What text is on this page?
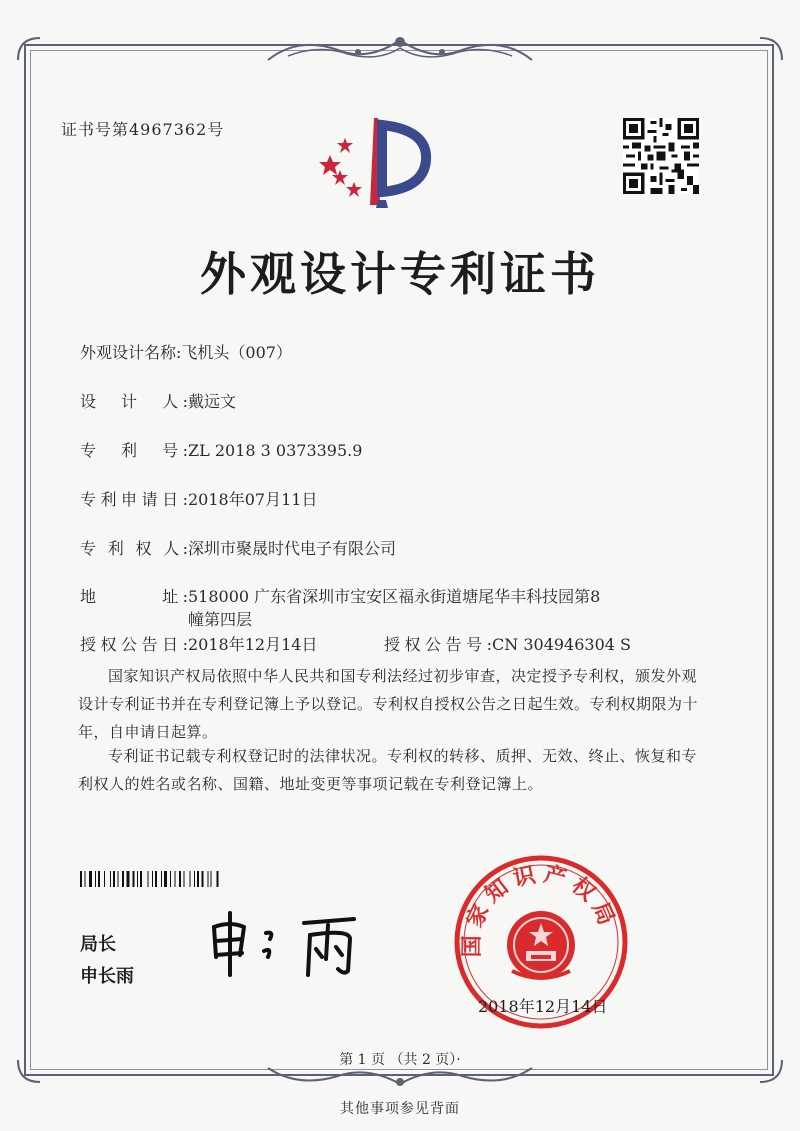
证书号第4967362号
外观设计专利证书
外观设计名称:飞机头（007）
设　计　人:戴远文
专　利　号:ZL 2018 3 0373395.9
专利申请日:2018年07月11日
专 利 权 人:深圳市聚晟时代电子有限公司
地　　　址:518000 广东省深圳市宝安区福永街道塘尾华丰科技园第8
幢第四层
授权公告日:2018年12月14日	授权公告号:CN 304946304 S
国家知识产权局依照中华人民共和国专利法经过初步审查，决定授予专利权，颁发外观
设计专利证书并在专利登记簿上予以登记。专利权自授权公告之日起生效。专利权期限为十
年，自申请日起算。
专利证书记载专利权登记时的法律状况。专利权的转移、质押、无效、终止、恢复和专
利权人的姓名或名称、国籍、地址变更等事项记载在专利登记簿上。
局长
申长雨
国家知识产权局
2018年12月14日
第 1 页 （共 2 页）·
其他事项参见背面
